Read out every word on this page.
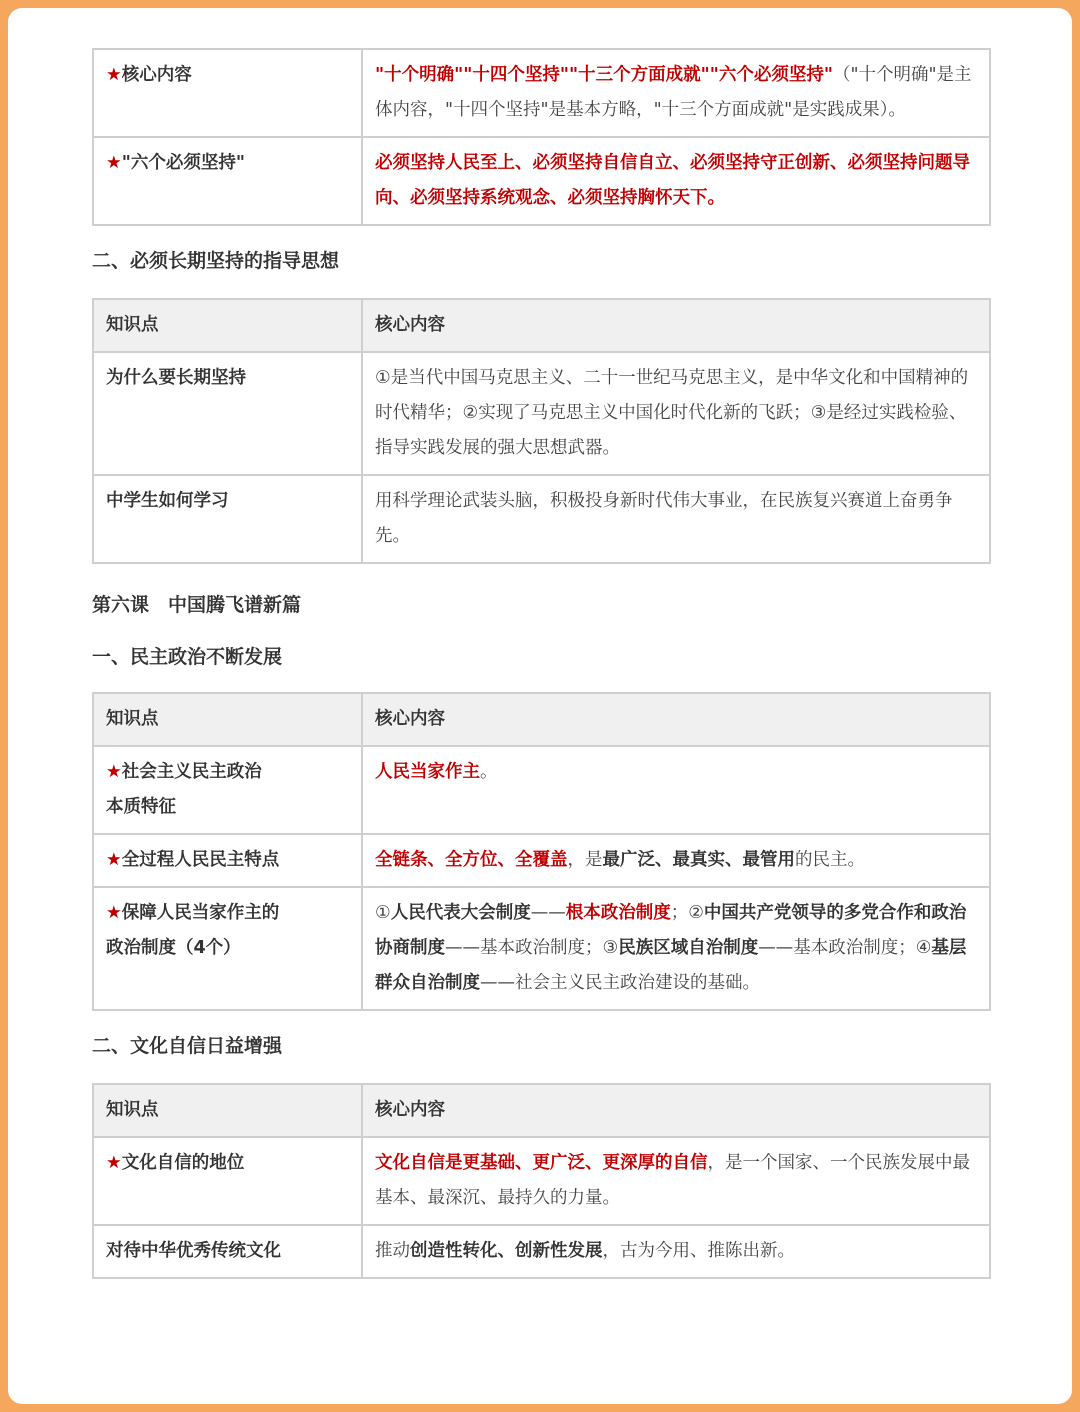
★核心内容	"十个明确""十四个坚持""十三个方面成就""六个必须坚持"（"十个明确"是主体内容，"十四个坚持"是基本方略，"十三个方面成就"是实践成果）。
★"六个必须坚持"	必须坚持人民至上、必须坚持自信自立、必须坚持守正创新、必须坚持问题导向、必须坚持系统观念、必须坚持胸怀天下。
二、必须长期坚持的指导思想
知识点	核心内容
为什么要长期坚持	①是当代中国马克思主义、二十一世纪马克思主义，是中华文化和中国精神的时代精华；②实现了马克思主义中国化时代化新的飞跃；③是经过实践检验、指导实践发展的强大思想武器。
中学生如何学习	用科学理论武装头脑，积极投身新时代伟大事业，在民族复兴赛道上奋勇争先。
第六课　中国腾飞谱新篇
一、民主政治不断发展
知识点	核心内容
★社会主义民主政治
本质特征	人民当家作主。
★全过程人民民主特点	全链条、全方位、全覆盖，是最广泛、最真实、最管用的民主。
★保障人民当家作主的
政治制度（4个）	①人民代表大会制度——根本政治制度；②中国共产党领导的多党合作和政治协商制度——基本政治制度；③民族区域自治制度——基本政治制度；④基层群众自治制度——社会主义民主政治建设的基础。
二、文化自信日益增强
知识点	核心内容
★文化自信的地位	文化自信是更基础、更广泛、更深厚的自信，是一个国家、一个民族发展中最基本、最深沉、最持久的力量。
对待中华优秀传统文化	推动创造性转化、创新性发展，古为今用、推陈出新。
